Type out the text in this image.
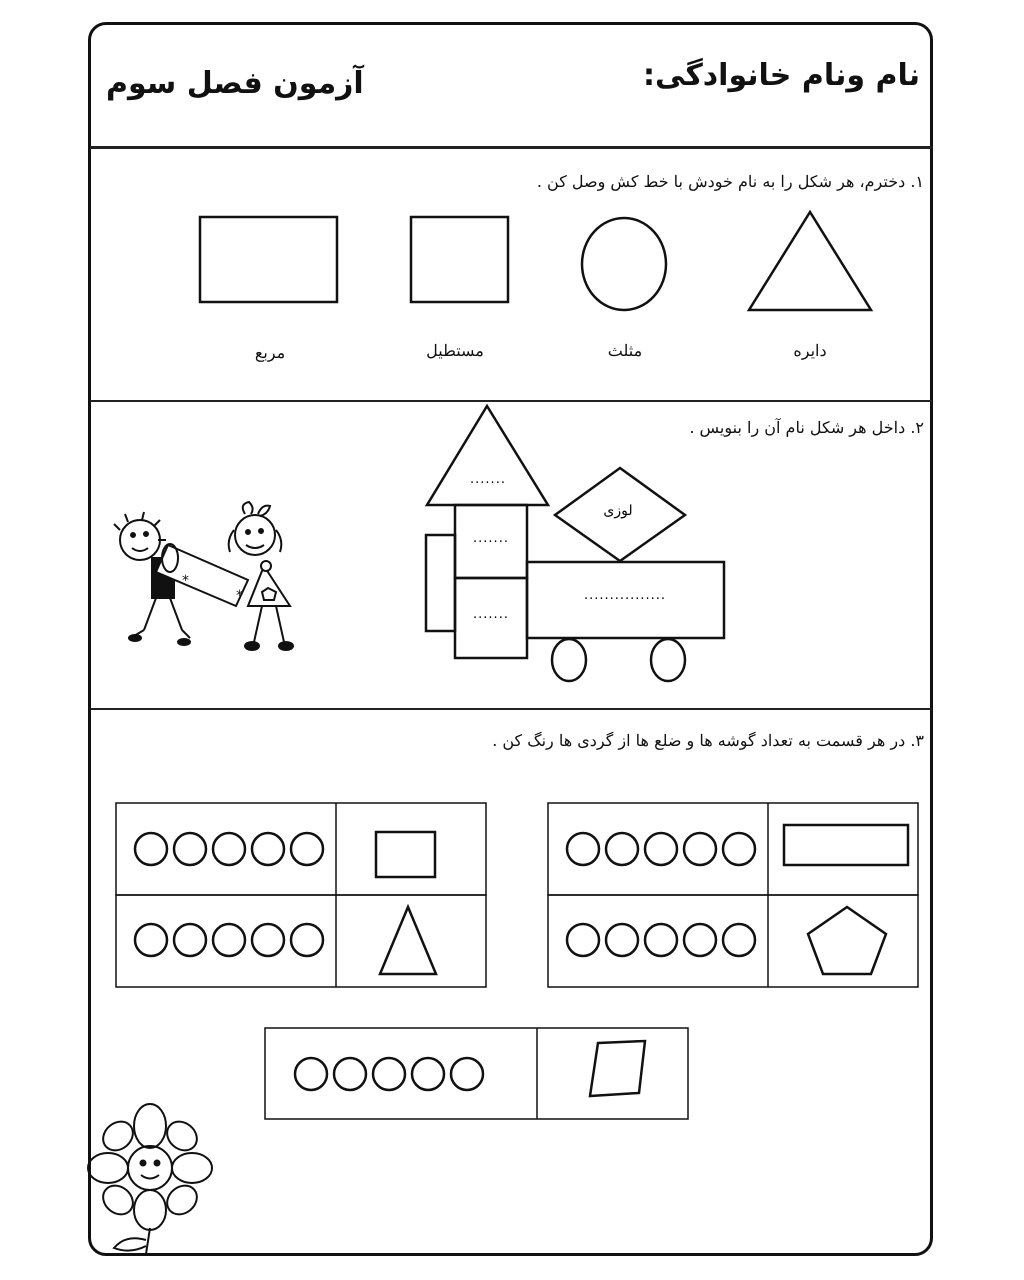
نام ونام خانوادگی:
آزمون فصل سوم
۱. دخترم، هر شکل را به نام خودش با خط کش وصل کن .
دایره
مثلث
مستطیل
مربع
۲. داخل هر شکل نام آن را بنویس .
.......
.......
.......
................
لوزی
*
*
۳. در هر قسمت به تعداد گوشه ها و ضلع ها از گردی ها رنگ کن .
